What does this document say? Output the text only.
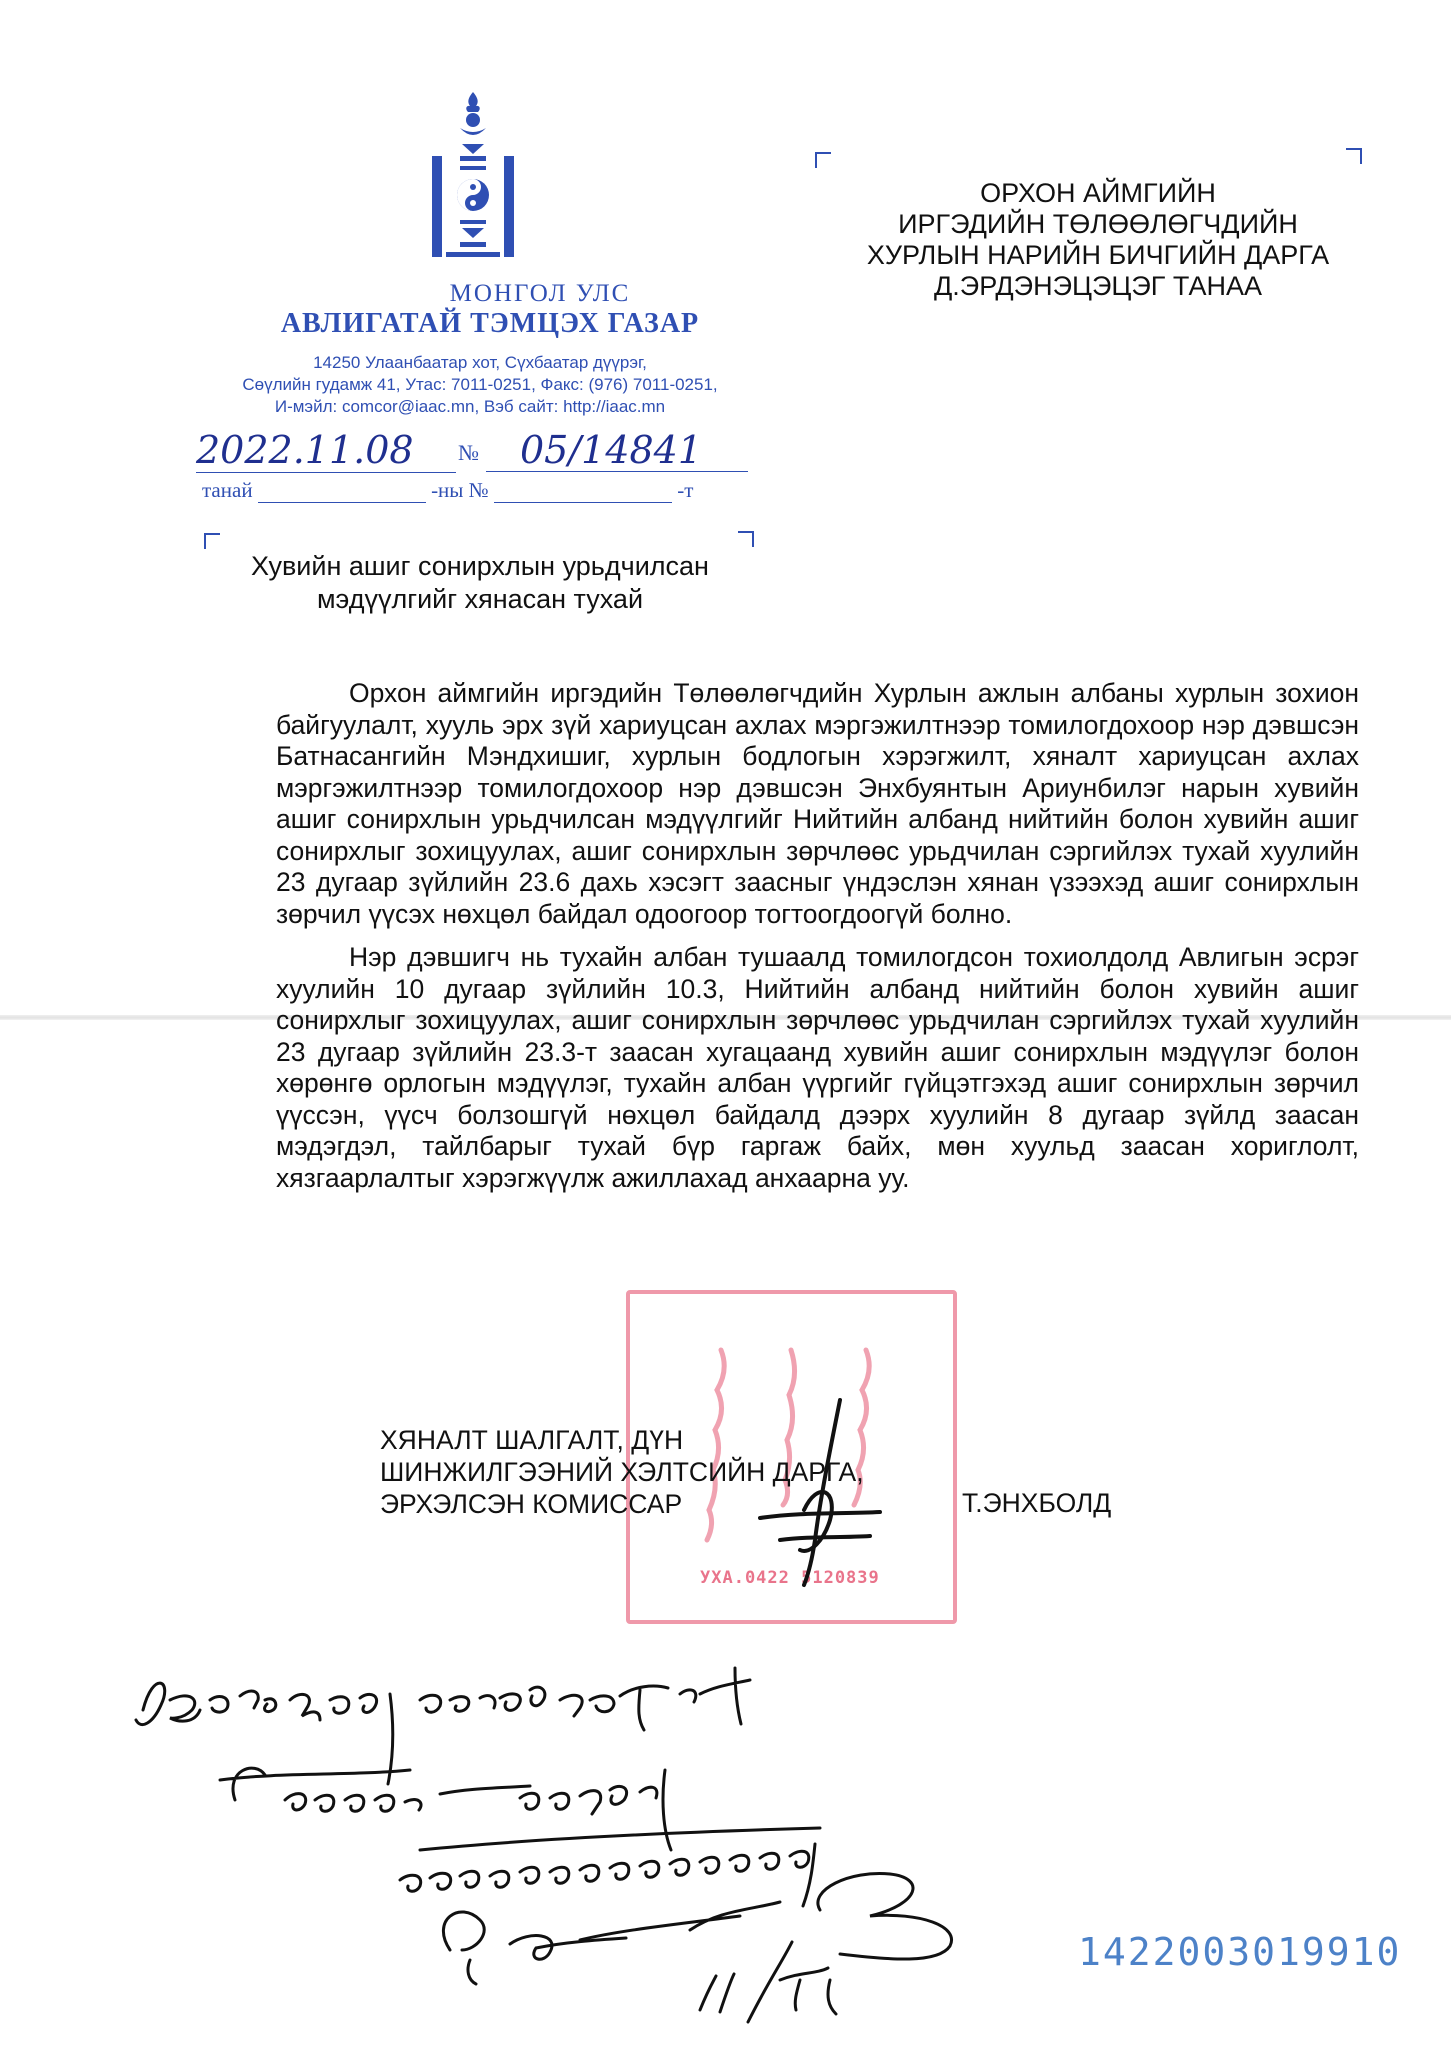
МОНГОЛ УЛС
АВЛИГАТАЙ ТЭМЦЭХ ГАЗАР
14250 Улаанбаатар хот, Сүхбаатар дүүрэг,
Сөүлийн гудамж 41, Утас: 7011-0251, Факс: (976) 7011-0251,
И-мэйл: comcor@iaac.mn, Вэб сайт: http://iaac.mn
2022.11.08	№	05/14841
танай	-ны №	-т
ОРХОН АЙМГИЙН
ИРГЭДИЙН ТӨЛӨӨЛӨГЧДИЙН
ХУРЛЫН НАРИЙН БИЧГИЙН ДАРГА
Д.ЭРДЭНЭЦЭЦЭГ ТАНАА
Хувийн ашиг сонирхлын урьдчилсан
мэдүүлгийг хянасан тухай

Орхон аймгийн иргэдийн Төлөөлөгчдийн Хурлын ажлын албаны хурлын зохион байгуулалт, хууль эрх зүй хариуцсан ахлах мэргэжилтнээр томилогдохоор нэр дэвшсэн Батнасангийн Мэндхишиг, хурлын бодлогын хэрэгжилт, хяналт хариуцсан ахлах мэргэжилтнээр томилогдохоор нэр дэвшсэн Энхбуянтын Ариунбилэг нарын хувийн ашиг сонирхлын урьдчилсан мэдүүлгийг Нийтийн албанд нийтийн болон хувийн ашиг сонирхлыг зохицуулах, ашиг сонирхлын зөрчлөөс урьдчилан сэргийлэх тухай хуулийн 23 дугаар зүйлийн 23.6 дахь хэсэгт заасныг үндэслэн хянан үзээхэд ашиг сонирхлын зөрчил үүсэх нөхцөл байдал одоогоор тогтоогдоогүй болно.

Нэр дэвшигч нь тухайн албан тушаалд томилогдсон тохиолдолд Авлигын эсрэг хуулийн 10 дугаар зүйлийн 10.3, Нийтийн албанд нийтийн болон хувийн ашиг сонирхлыг зохицуулах, ашиг сонирхлын зөрчлөөс урьдчилан сэргийлэх тухай хуулийн 23 дугаар зүйлийн 23.3-т заасан хугацаанд хувийн ашиг сонирхлын мэдүүлэг болон хөрөнгө орлогын мэдүүлэг, тухайн албан үүргийг гүйцэтгэхэд ашиг сонирхлын зөрчил үүссэн, үүсч болзошгүй нөхцөл байдалд дээрх хуулийн 8 дугаар зүйлд заасан мэдэгдэл, тайлбарыг тухай бүр гаргаж байх, мөн хуульд заасан хориглолт, хязгаарлалтыг хэрэгжүүлж ажиллахад анхаарна уу.

УХА.0422 5120839
ХЯНАЛТ ШАЛГАЛТ, ДҮН
ШИНЖИЛГЭЭНИЙ ХЭЛТСИЙН ДАРГА,
ЭРХЭЛСЭН КОМИССАР	Т.ЭНХБОЛД
1422003019910
